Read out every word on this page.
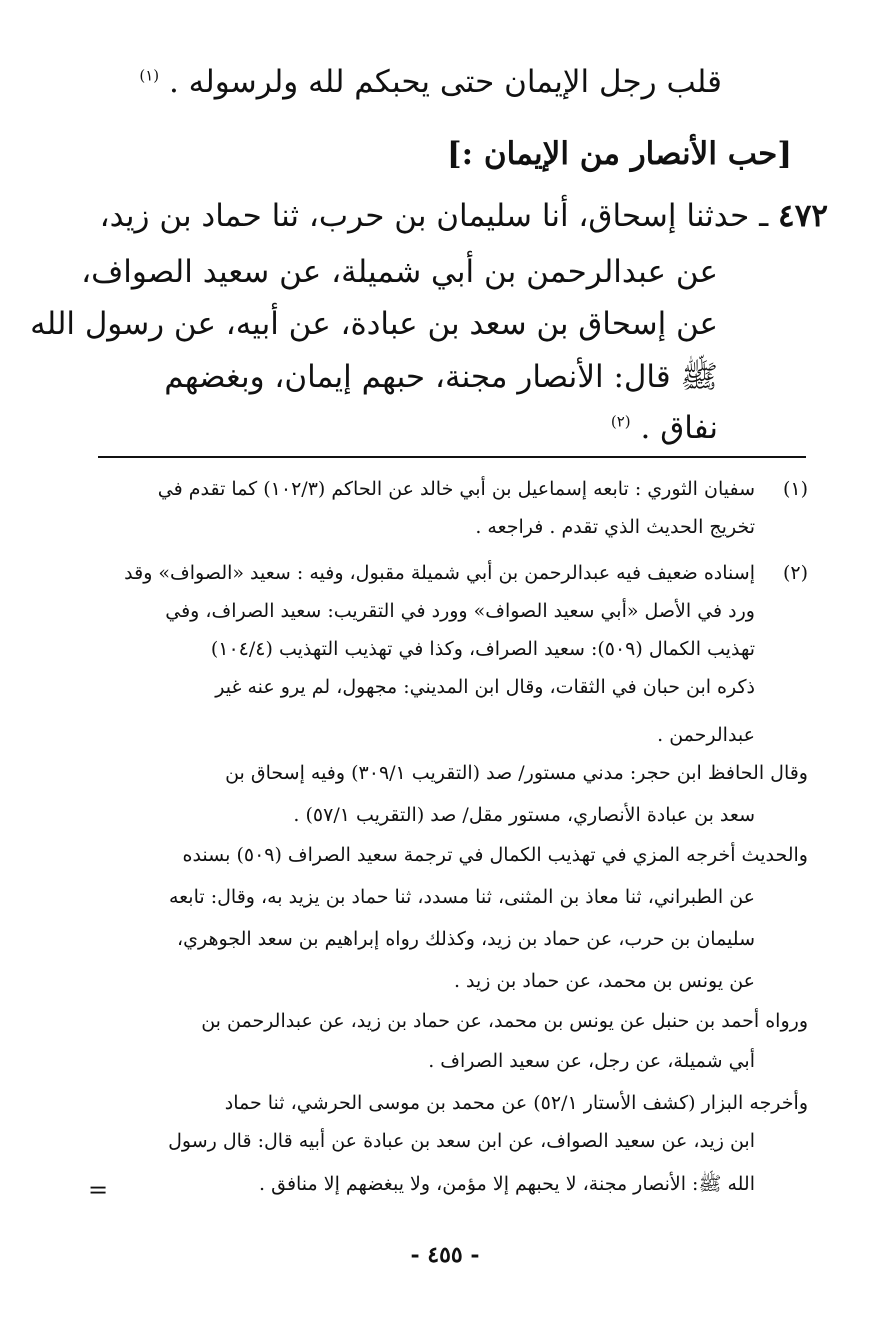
قلب رجل الإيمان حتى يحبكم لله ولرسوله . $^{(١)}$
[حب الأنصار من الإيمان :]
٤٧٢ ـ حدثنا إسحاق، أنا سليمان بن حرب، ثنا حماد بن زيد،
عن عبدالرحمن بن أبي شميلة، عن سعيد الصواف،
عن إسحاق بن سعد بن عبادة، عن أبيه، عن رسول الله
ﷺ قال: الأنصار مجنة، حبهم إيمان، وبغضهم
نفاق . $^{(٢)}$
(١)
سفيان الثوري : تابعه إسماعيل بن أبي خالد عن الحاكم (١٠٢/٣) كما تقدم في
تخريج الحديث الذي تقدم . فراجعه .
(٢)
إسناده ضعيف فيه عبدالرحمن بن أبي شميلة مقبول، وفيه : سعيد «الصواف» وقد
ورد في الأصل «أبي سعيد الصواف» وورد في التقريب: سعيد الصراف، وفي
تهذيب الكمال (٥٠٩): سعيد الصراف، وكذا في تهذيب التهذيب (١٠٤/٤)
ذكره ابن حبان في الثقات، وقال ابن المديني: مجهول، لم يرو عنه غير
عبدالرحمن .
وقال الحافظ ابن حجر: مدني مستور/ صد (التقريب ٣٠٩/١) وفيه إسحاق بن
سعد بن عبادة الأنصاري، مستور مقل/ صد (التقريب ٥٧/١) .
والحديث أخرجه المزي في تهذيب الكمال في ترجمة سعيد الصراف (٥٠٩) بسنده
عن الطبراني، ثنا معاذ بن المثنى، ثنا مسدد، ثنا حماد بن يزيد به، وقال: تابعه
سليمان بن حرب، عن حماد بن زيد، وكذلك رواه إبراهيم بن سعد الجوهري،
عن يونس بن محمد، عن حماد بن زيد .
ورواه أحمد بن حنبل عن يونس بن محمد، عن حماد بن زيد، عن عبدالرحمن بن
أبي شميلة، عن رجل، عن سعيد الصراف .
وأخرجه البزار (كشف الأستار ٥٢/١) عن محمد بن موسى الحرشي، ثنا حماد
ابن زيد، عن سعيد الصواف، عن ابن سعد بن عبادة عن أبيه قال: قال رسول
الله ﷺ: الأنصار مجنة، لا يحبهم إلا مؤمن، ولا يبغضهم إلا منافق .
=
- ٤٥٥ -
